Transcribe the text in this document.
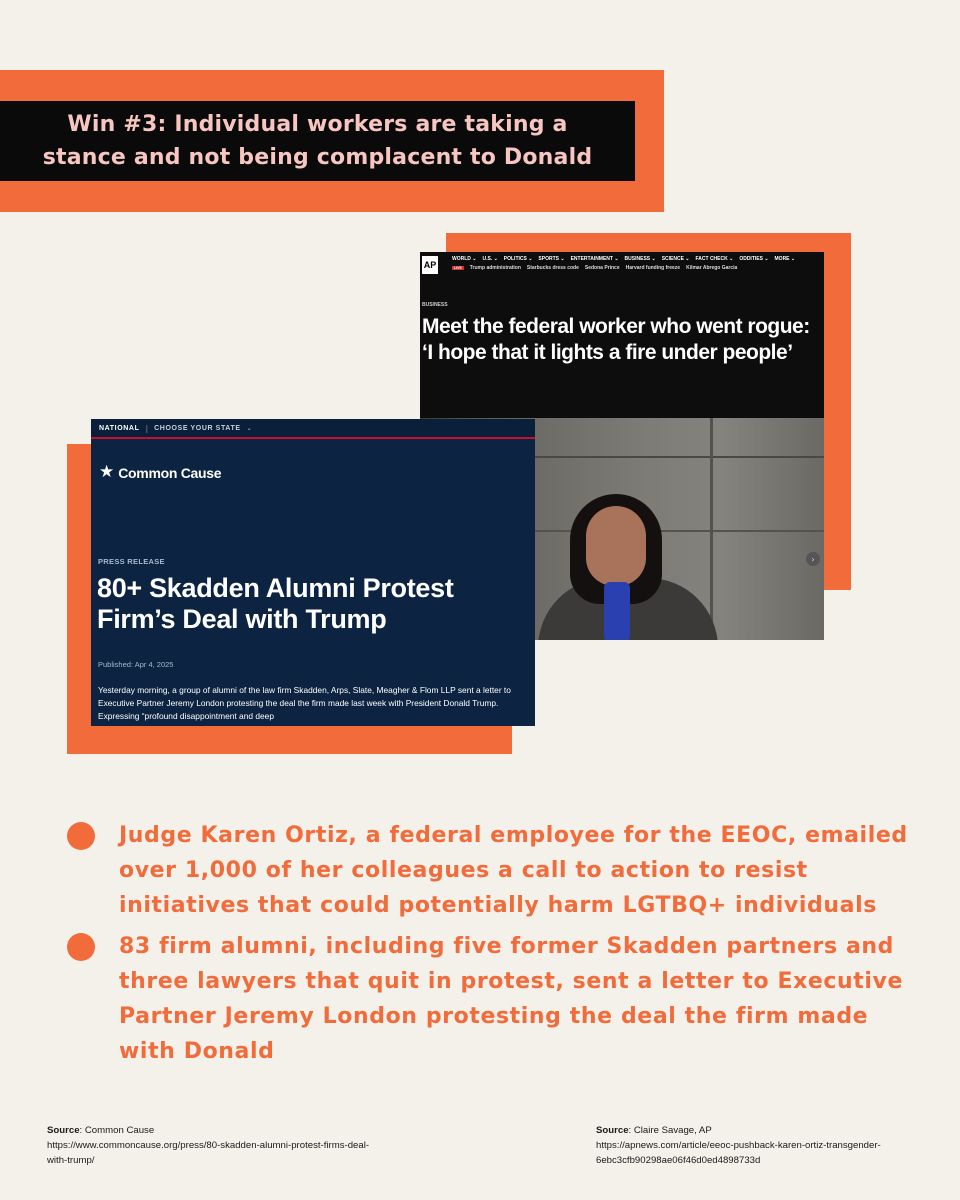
Win #3: Individual workers are taking a
stance and not being complacent to Donald
AP
WORLD ⌄ U.S. ⌄ POLITICS ⌄ SPORTS ⌄ ENTERTAINMENT ⌄ BUSINESS ⌄ SCIENCE ⌄ FACT CHECK ⌄ ODDITIES ⌄ MORE ⌄
LIVE	Trump administration Starbucks dress code Sedona Prince Harvard funding freeze Kilmar Abrego Garcia
BUSINESS
Meet the federal worker who went rogue: ‘I hope that it lights a fire under people’
›
NATIONAL | CHOOSE YOUR STATE ⌄
★ Common Cause
PRESS RELEASE
80+ Skadden Alumni Protest Firm’s Deal with Trump
Published: Apr 4, 2025
Yesterday morning, a group of alumni of the law firm Skadden, Arps, Slate, Meagher & Flom LLP sent a letter to Executive Partner Jeremy London protesting the deal the firm made last week with President Donald Trump. Expressing “profound disappointment and deep
Judge Karen Ortiz, a federal employee for the EEOC, emailed over 1,000 of her colleagues a call to action to resist initiatives that could potentially harm LGTBQ+ individuals
83 firm alumni, including five former Skadden partners and three lawyers that quit in protest, sent a letter to Executive Partner Jeremy London protesting the deal the firm made with Donald
Source: Common Cause
https://www.commoncause.org/press/80-skadden-alumni-protest-firms-deal-with-trump/
Source: Claire Savage, AP
https://apnews.com/article/eeoc-pushback-karen-ortiz-transgender-6ebc3cfb90298ae06f46d0ed4898733d
